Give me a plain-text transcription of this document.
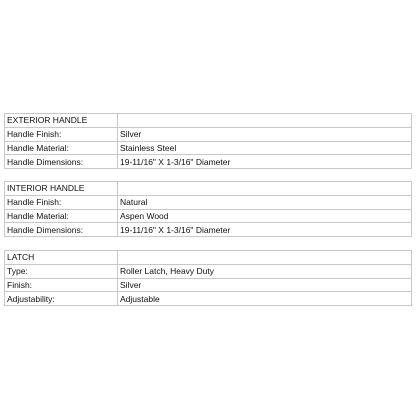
EXTERIOR HANDLE	
Handle Finish:	Silver
Handle Material:	Stainless Steel
Handle Dimensions:	19-11/16" X 1-3/16" Diameter
INTERIOR HANDLE	
Handle Finish:	Natural
Handle Material:	Aspen Wood
Handle Dimensions:	19-11/16" X 1-3/16" Diameter
LATCH	
Type:	Roller Latch, Heavy Duty
Finish:	Silver
Adjustability:	Adjustable
